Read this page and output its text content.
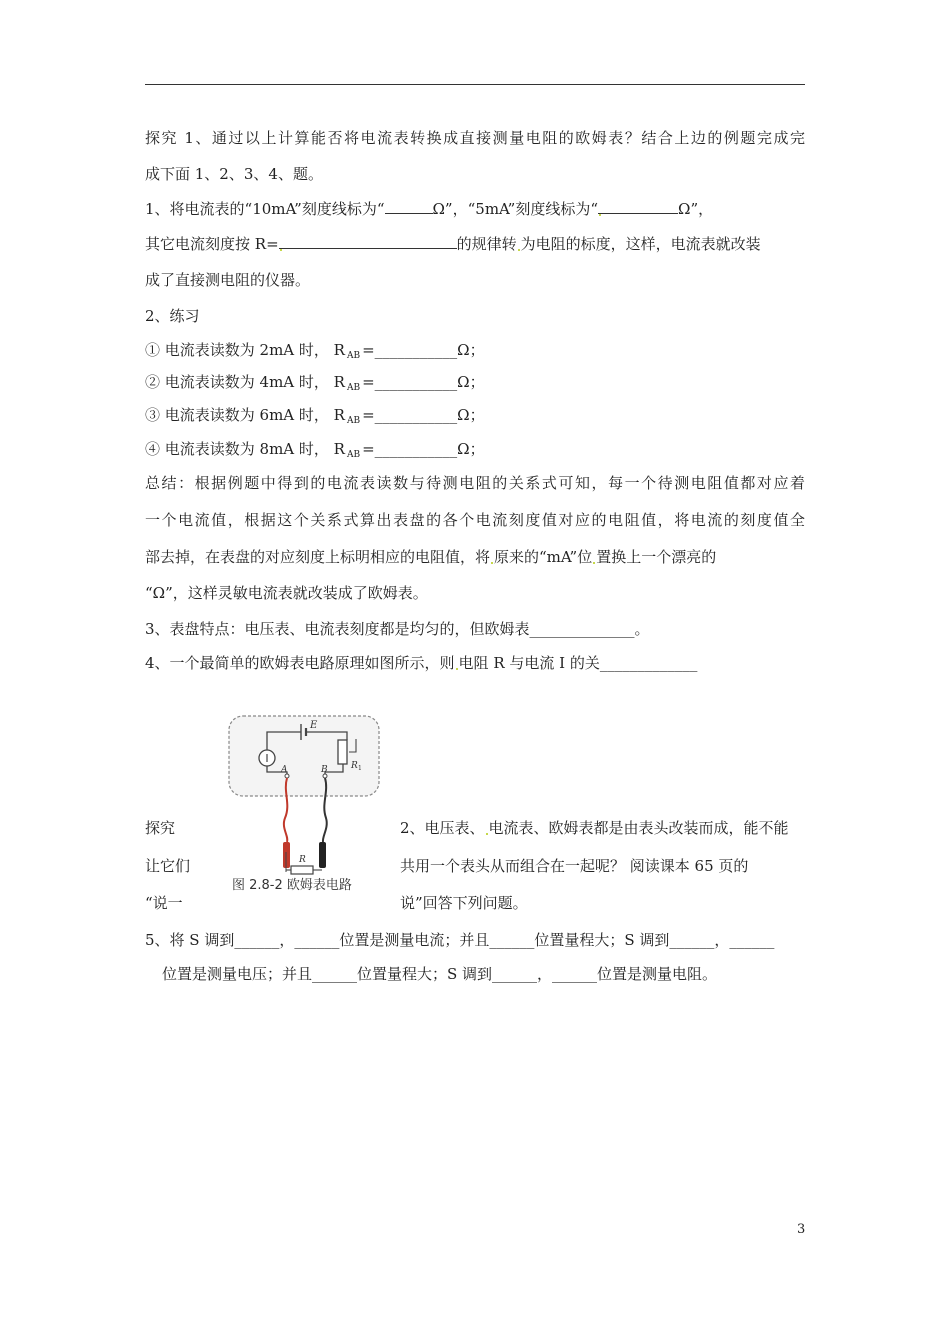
探究 1、通过以上计算能否将电流表转换成直接测量电阻的欧姆表？结合上边的例题完成完
成下面 1、2、3、4、题。
1、将电流表的“10mA”刻度线标为“	Ω”，“5mA”刻度线标为“	Ω”，
其它电流刻度按 R=	的规律转 为电阻的标度，这样，电流表就改装
成了直接测电阻的仪器。
2、练习
① 电流表读数为 2mA 时， R $_{AB}$ =___________Ω；
② 电流表读数为 4mA 时， R $_{AB}$ =___________Ω；
③ 电流表读数为 6mA 时， R $_{AB}$ =___________Ω；
④ 电流表读数为 8mA 时， R $_{AB}$ =___________Ω；
总结：根据例题中得到的电流表读数与待测电阻的关系式可知，每一个待测电阻值都对应着
一个电流值，根据这个关系式算出表盘的各个电流刻度值对应的电阻值，将电流的刻度值全
部去掉，在表盘的对应刻度上标明相应的电阻值，将 原来的“mA”位 置换上一个漂亮的
“Ω”，这样灵敏电流表就改装成了欧姆表。
3、表盘特点：电压表、电流表刻度都是均匀的，但欧姆表______________。
4、一个最简单的欧姆表电路原理如图所示，则 电阻 R 与电流 I 的关_____________
E
A	B	R 1
R
图 2.8-2 欧姆表电路
探究
让它们
“说一
2、电压表、 电流表、欧姆表都是由表头改装而成，能不能
共用一个表头从而组合在一起呢？ 阅读课本 65 页的
说”回答下列问题。
5、将 S 调到______，______位置是测量电流；并且______位置量程大；S 调到______，______
位置是测量电压；并且______位置量程大；S 调到______，______位置是测量电阻。
3
